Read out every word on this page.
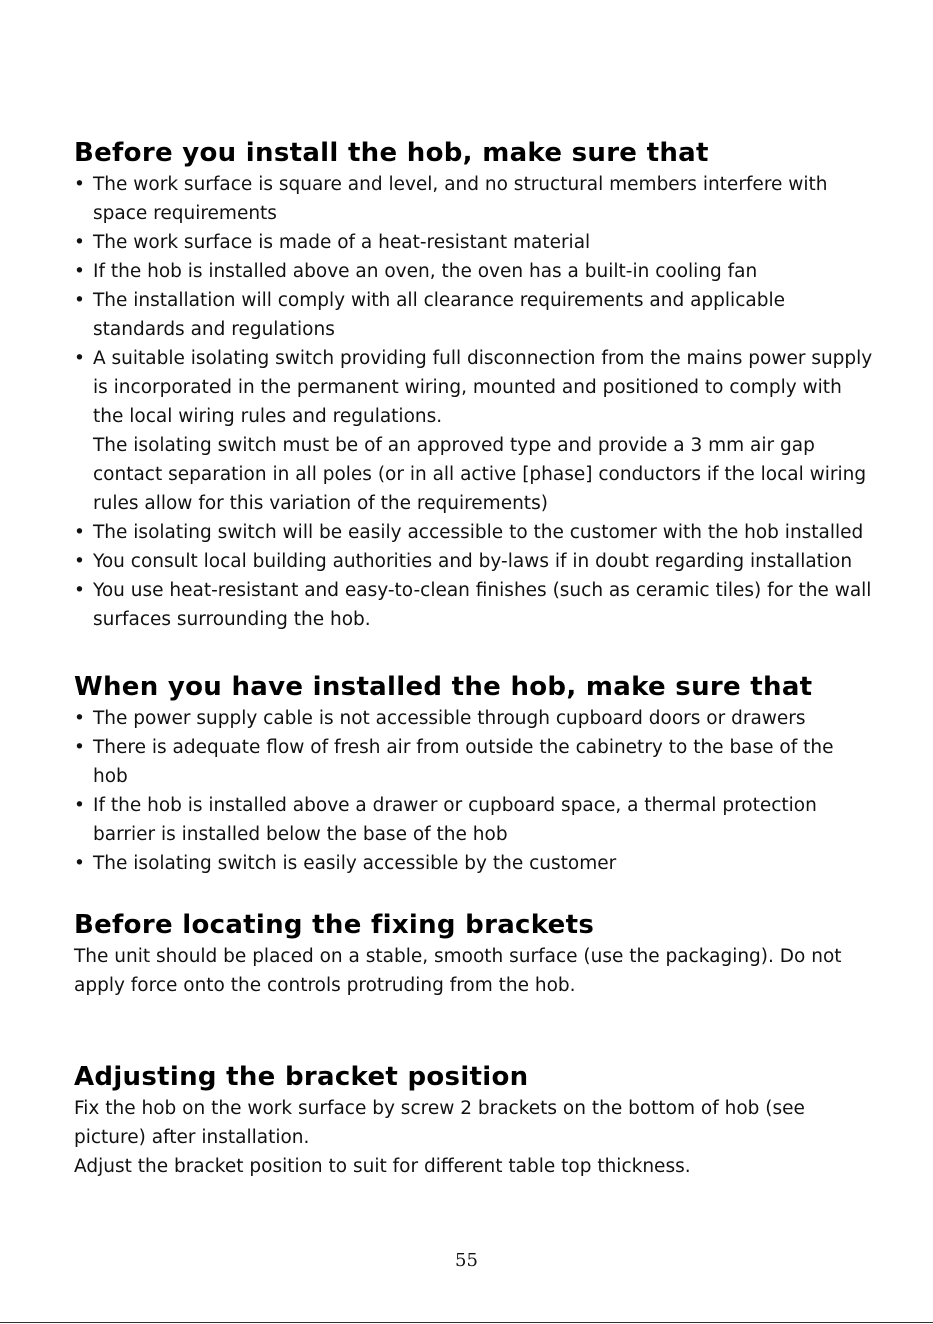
Before you install the hob, make sure that
• The work surface is square and level, and no structural members interfere with space requirements
• The work surface is made of a heat-resistant material
• If the hob is installed above an oven, the oven has a built-in cooling fan
• The installation will comply with all clearance requirements and applicable standards and regulations
• A suitable isolating switch providing full disconnection from the mains power supply is incorporated in the permanent wiring, mounted and positioned to comply with the local wiring rules and regulations.
The isolating switch must be of an approved type and provide a 3 mm air gap contact separation in all poles (or in all active [phase] conductors if the local wiring rules allow for this variation of the requirements)
• The isolating switch will be easily accessible to the customer with the hob installed
• You consult local building authorities and by-laws if in doubt regarding installation
• You use heat-resistant and easy-to-clean finishes (such as ceramic tiles) for the wall surfaces surrounding the hob.
When you have installed the hob, make sure that
• The power supply cable is not accessible through cupboard doors or drawers
• There is adequate flow of fresh air from outside the cabinetry to the base of the hob
• If the hob is installed above a drawer or cupboard space, a thermal protection barrier is installed below the base of the hob
• The isolating switch is easily accessible by the customer
Before locating the fixing brackets

The unit should be placed on a stable, smooth surface (use the packaging). Do not apply force onto the controls protruding from the hob.

Adjusting the bracket position

Fix the hob on the work surface by screw 2 brackets on the bottom of hob (see picture) after installation.

Adjust the bracket position to suit for different table top thickness.

55
